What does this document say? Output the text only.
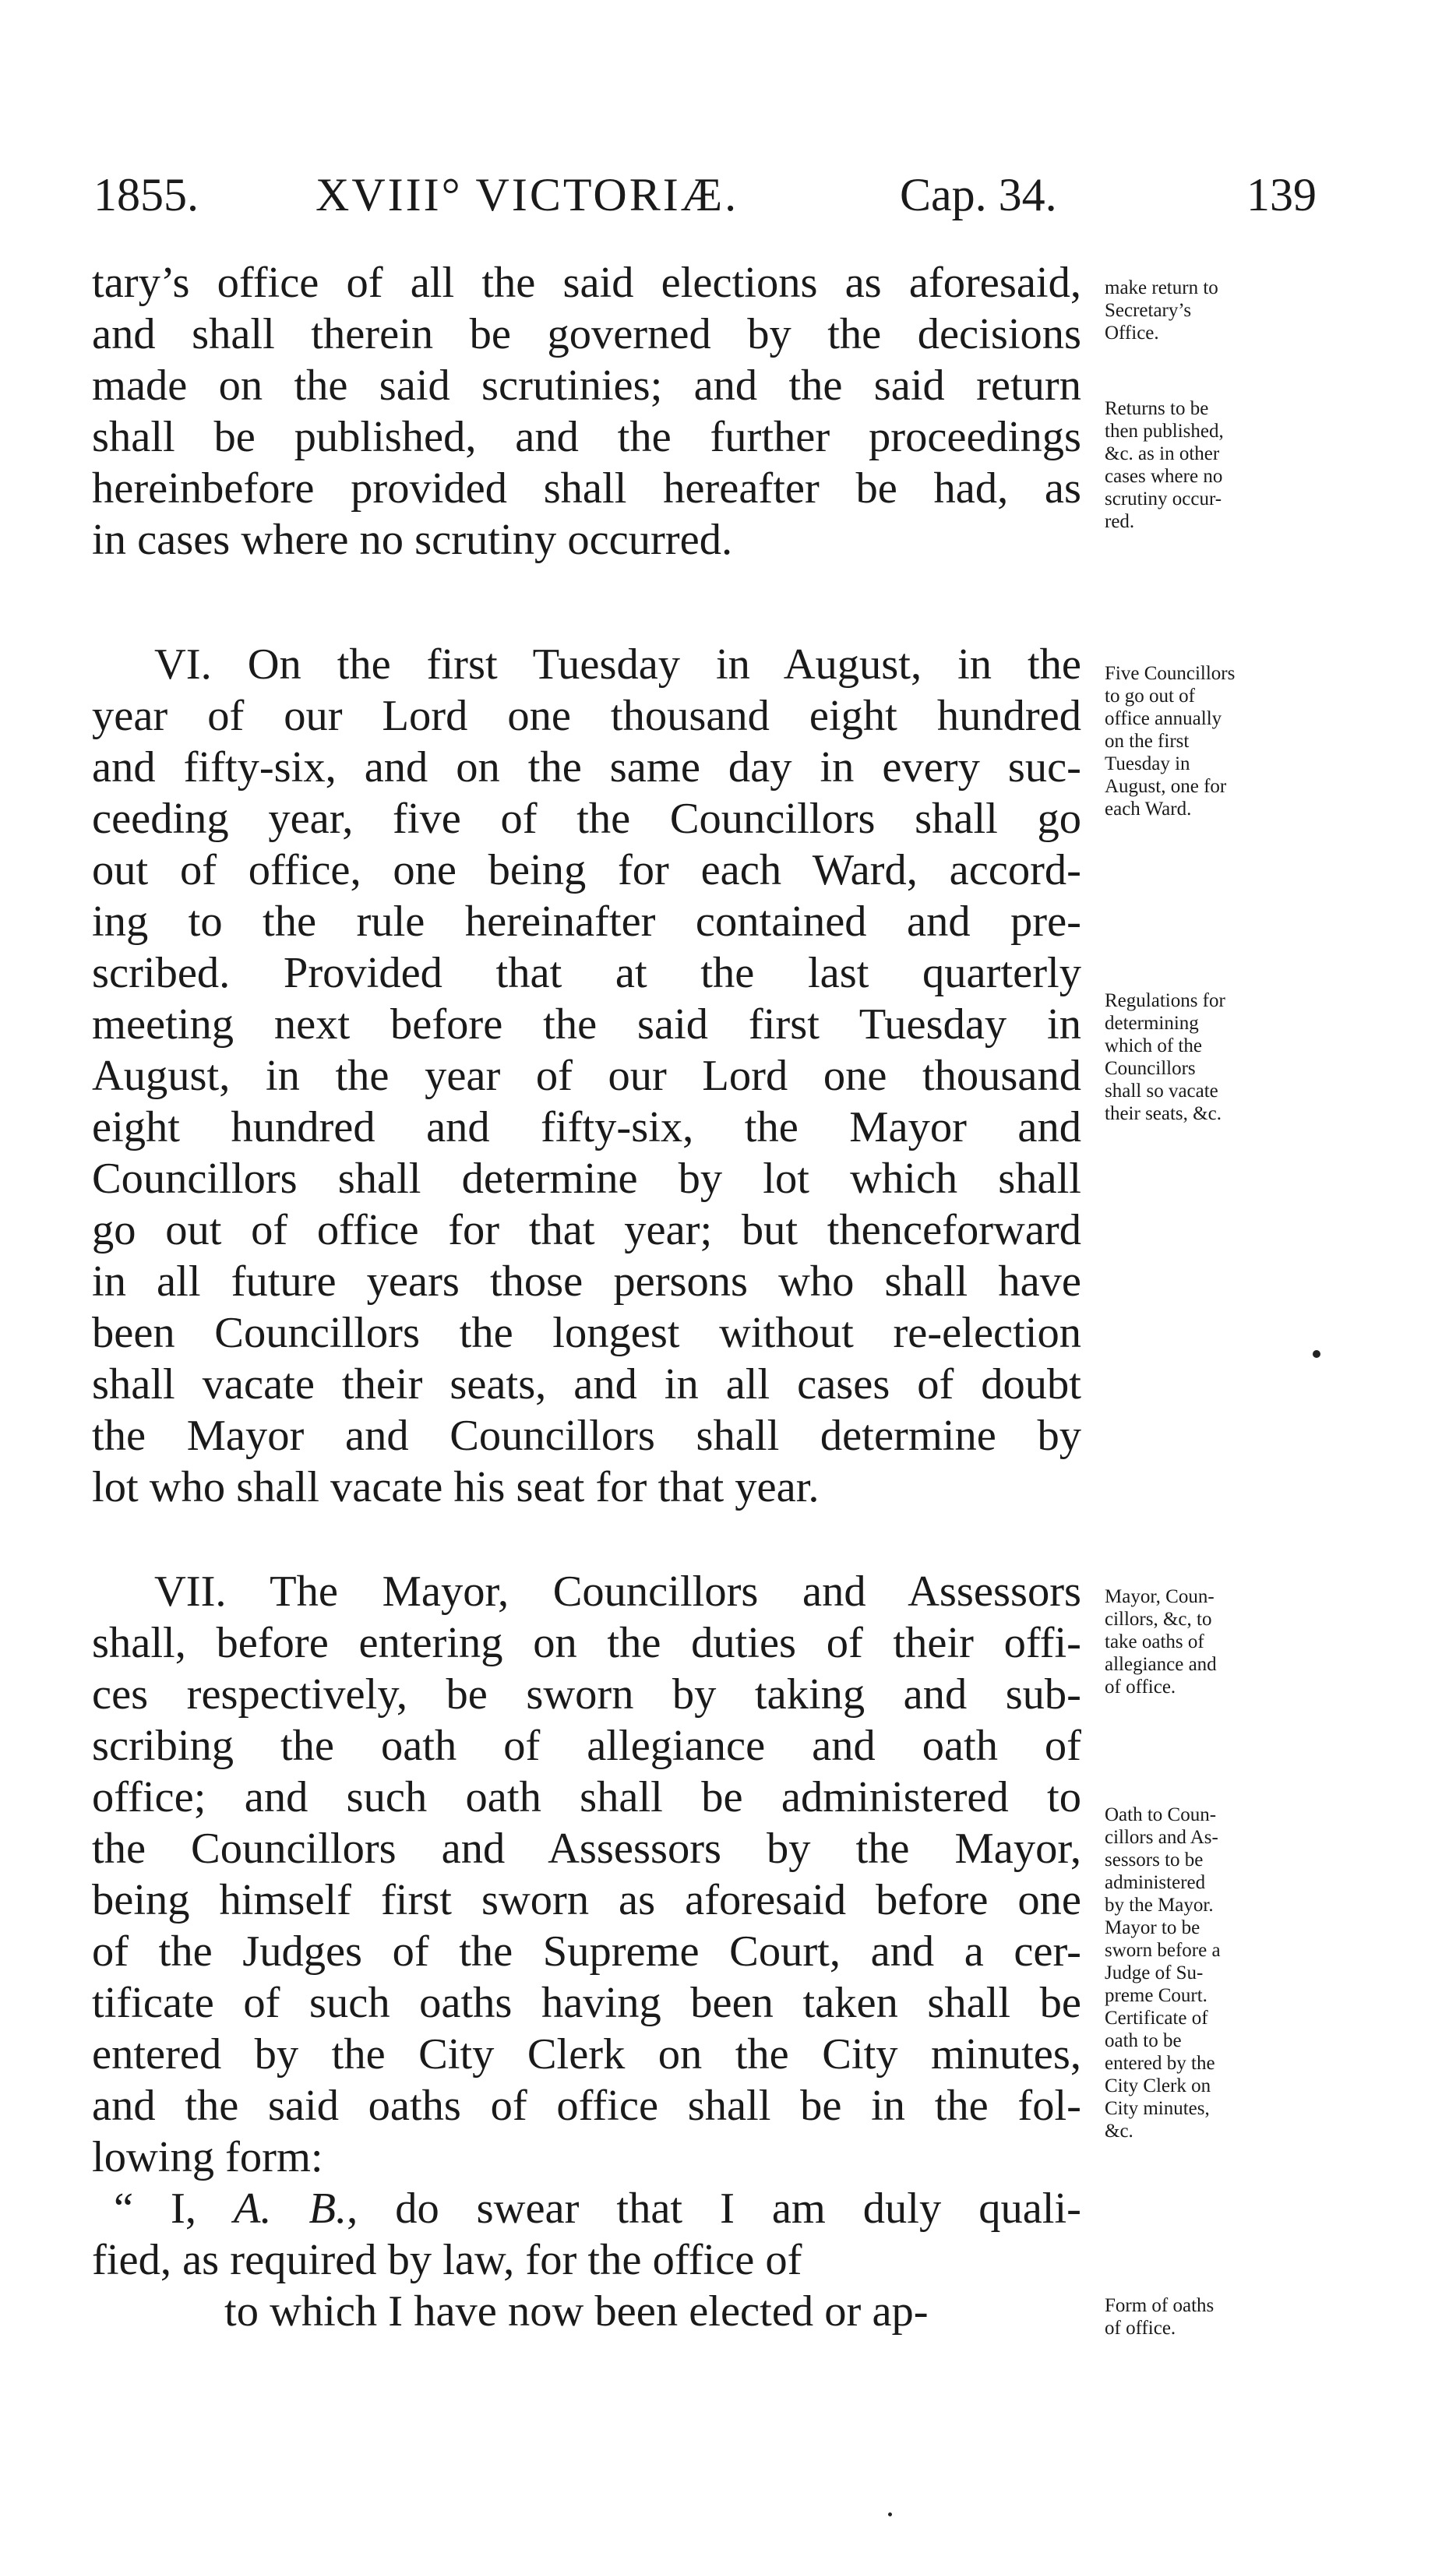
1855.	XVIII° VICTORIÆ.	Cap. 34.	139
tary’s office of all the said elections as aforesaid,
and shall therein be governed by the decisions
made on the said scrutinies; and the said return
shall be published, and the further proceedings
hereinbefore provided shall hereafter be had, as
in cases where no scrutiny occurred.
VI. On the first Tuesday in August, in the
year of our Lord one thousand eight hundred
and fifty-six, and on the same day in every suc-
ceeding year, five of the Councillors shall go
out of office, one being for each Ward, accord-
ing to the rule hereinafter contained and pre-
scribed. Provided that at the last quarterly
meeting next before the said first Tuesday in
August, in the year of our Lord one thousand
eight hundred and fifty-six, the Mayor and
Councillors shall determine by lot which shall
go out of office for that year; but thenceforward
in all future years those persons who shall have
been Councillors the longest without re-election
shall vacate their seats, and in all cases of doubt
the Mayor and Councillors shall determine by
lot who shall vacate his seat for that year.
VII. The Mayor, Councillors and Assessors
shall, before entering on the duties of their offi-
ces respectively, be sworn by taking and sub-
scribing the oath of allegiance and oath of
office; and such oath shall be administered to
the Councillors and Assessors by the Mayor,
being himself first sworn as aforesaid before one
of the Judges of the Supreme Court, and a cer-
tificate of such oaths having been taken shall be
entered by the City Clerk on the City minutes,
and the said oaths of office shall be in the fol-
lowing form:
“ I, A. B., do swear that I am duly quali-
fied, as required by law, for the office of
to which I have now been elected or ap-
make return to
Secretary’s
Office.
Returns to be
then published,
&c. as in other
cases where no
scrutiny occur-
red.
Five Councillors
to go out of
office annually
on the first
Tuesday in
August, one for
each Ward.
Regulations for
determining
which of the
Councillors
shall so vacate
their seats, &c.
Mayor, Coun-
cillors, &c, to
take oaths of
allegiance and
of office.
Oath to Coun-
cillors and As-
sessors to be
administered
by the Mayor.
Mayor to be
sworn before a
Judge of Su-
preme Court.
Certificate of
oath to be
entered by the
City Clerk on
City minutes,
&c.
Form of oaths
of office.
